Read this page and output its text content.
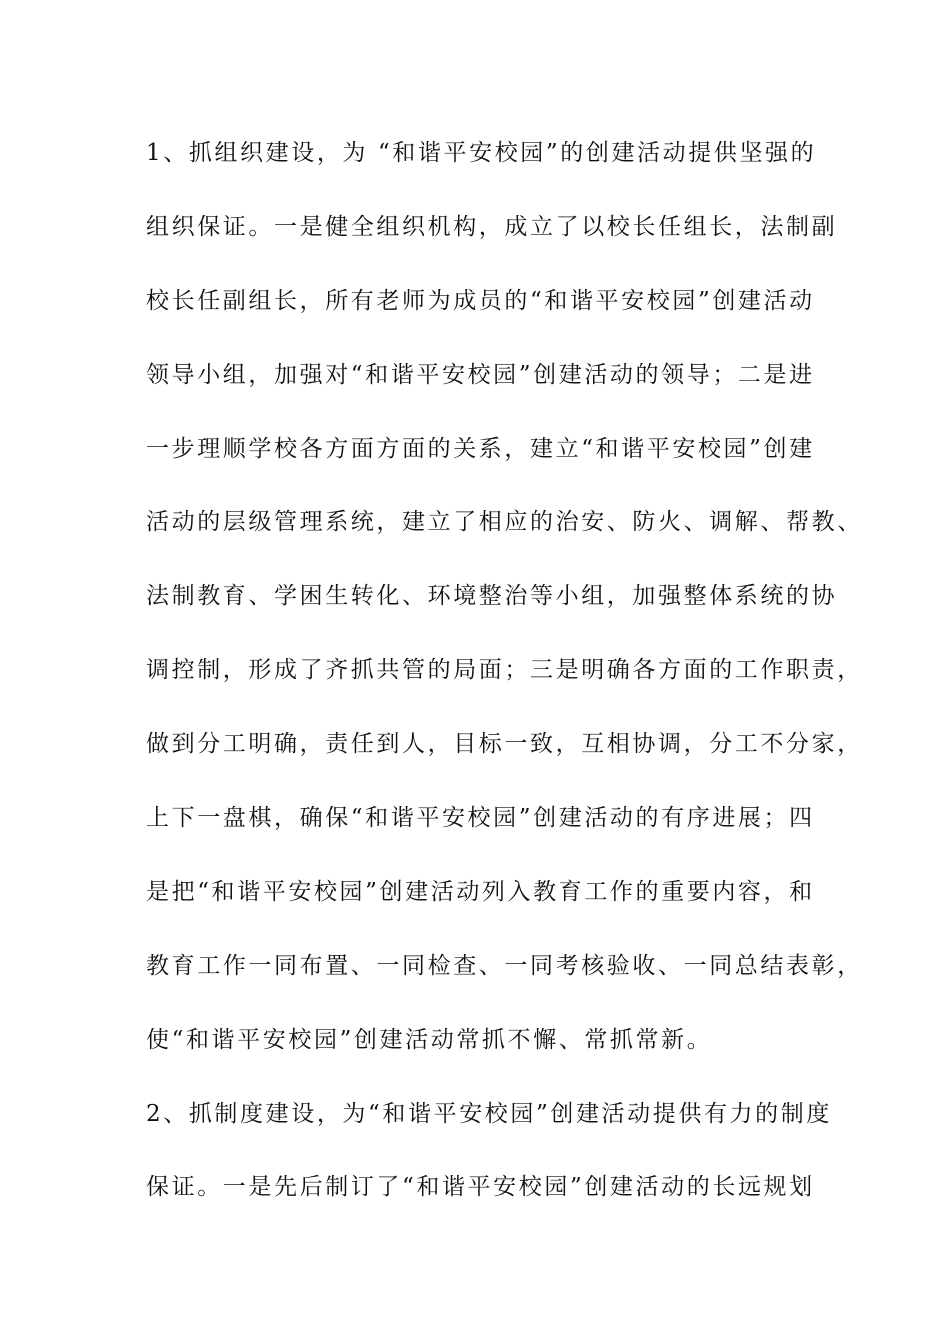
1、抓组织建设，为 “和谐平安校园”的创建活动提供坚强的
组织保证。一是健全组织机构，成立了以校长任组长，法制副
校长任副组长，所有老师为成员的“和谐平安校园”创建活动
领导小组，加强对“和谐平安校园”创建活动的领导；二是进
一步理顺学校各方面方面的关系，建立“和谐平安校园”创建
活动的层级管理系统，建立了相应的治安、防火、调解、帮教、
法制教育、学困生转化、环境整治等小组，加强整体系统的协
调控制，形成了齐抓共管的局面；三是明确各方面的工作职责，
做到分工明确，责任到人，目标一致，互相协调，分工不分家，
上下一盘棋，确保“和谐平安校园”创建活动的有序进展；四
是把“和谐平安校园”创建活动列入教育工作的重要内容，和
教育工作一同布置、一同检查、一同考核验收、一同总结表彰，
使“和谐平安校园”创建活动常抓不懈、常抓常新。
2、抓制度建设，为“和谐平安校园”创建活动提供有力的制度
保证。一是先后制订了“和谐平安校园”创建活动的长远规划
